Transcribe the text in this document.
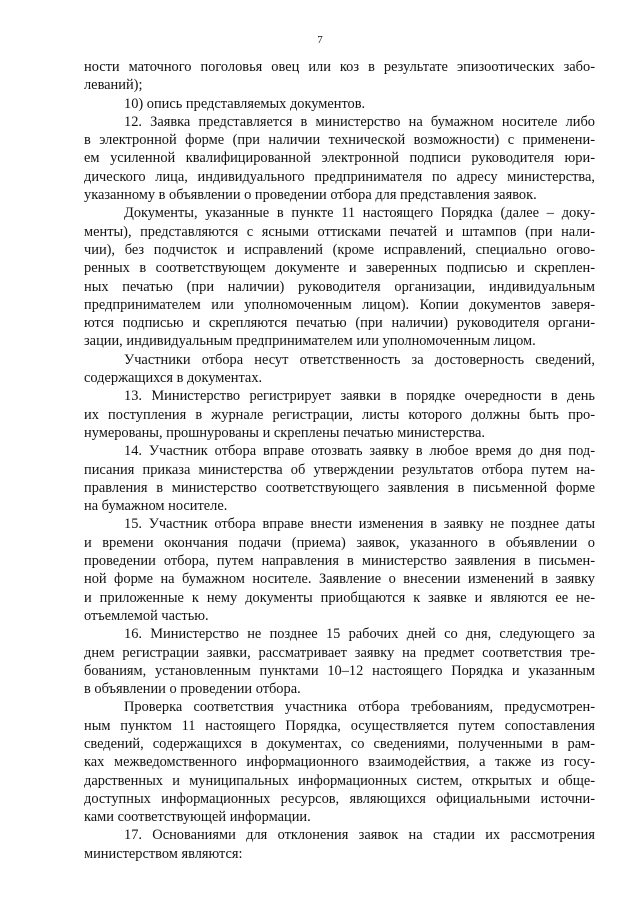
7
ности маточного поголовья овец или коз в результате эпизоотических забо-
леваний);
10) опись представляемых документов.
12. Заявка представляется в министерство на бумажном носителе либо
в электронной форме (при наличии технической возможности) с применени-
ем усиленной квалифицированной электронной подписи руководителя юри-
дического лица, индивидуального предпринимателя по адресу министерства,
указанному в объявлении о проведении отбора для представления заявок.
Документы, указанные в пункте 11 настоящего Порядка (далее – доку-
менты), представляются с ясными оттисками печатей и штампов (при нали-
чии), без подчисток и исправлений (кроме исправлений, специально огово-
ренных в соответствующем документе и заверенных подписью и скреплен-
ных печатью (при наличии) руководителя организации, индивидуальным
предпринимателем или уполномоченным лицом). Копии документов заверя-
ются подписью и скрепляются печатью (при наличии) руководителя органи-
зации, индивидуальным предпринимателем или уполномоченным лицом.
Участники отбора несут ответственность за достоверность сведений,
содержащихся в документах.
13. Министерство регистрирует заявки в порядке очередности в день
их поступления в журнале регистрации, листы которого должны быть про-
нумерованы, прошнурованы и скреплены печатью министерства.
14. Участник отбора вправе отозвать заявку в любое время до дня под-
писания приказа министерства об утверждении результатов отбора путем на-
правления в министерство соответствующего заявления в письменной форме
на бумажном носителе.
15. Участник отбора вправе внести изменения в заявку не позднее даты
и времени окончания подачи (приема) заявок, указанного в объявлении о
проведении отбора, путем направления в министерство заявления в письмен-
ной форме на бумажном носителе. Заявление о внесении изменений в заявку
и приложенные к нему документы приобщаются к заявке и являются ее не-
отъемлемой частью.
16. Министерство не позднее 15 рабочих дней со дня, следующего за
днем регистрации заявки, рассматривает заявку на предмет соответствия тре-
бованиям, установленным пунктами 10–12 настоящего Порядка и указанным
в объявлении о проведении отбора.
Проверка соответствия участника отбора требованиям, предусмотрен-
ным пунктом 11 настоящего Порядка, осуществляется путем сопоставления
сведений, содержащихся в документах, со сведениями, полученными в рам-
ках межведомственного информационного взаимодействия, а также из госу-
дарственных и муниципальных информационных систем, открытых и обще-
доступных информационных ресурсов, являющихся официальными источни-
ками соответствующей информации.
17. Основаниями для отклонения заявок на стадии их рассмотрения
министерством являются:
